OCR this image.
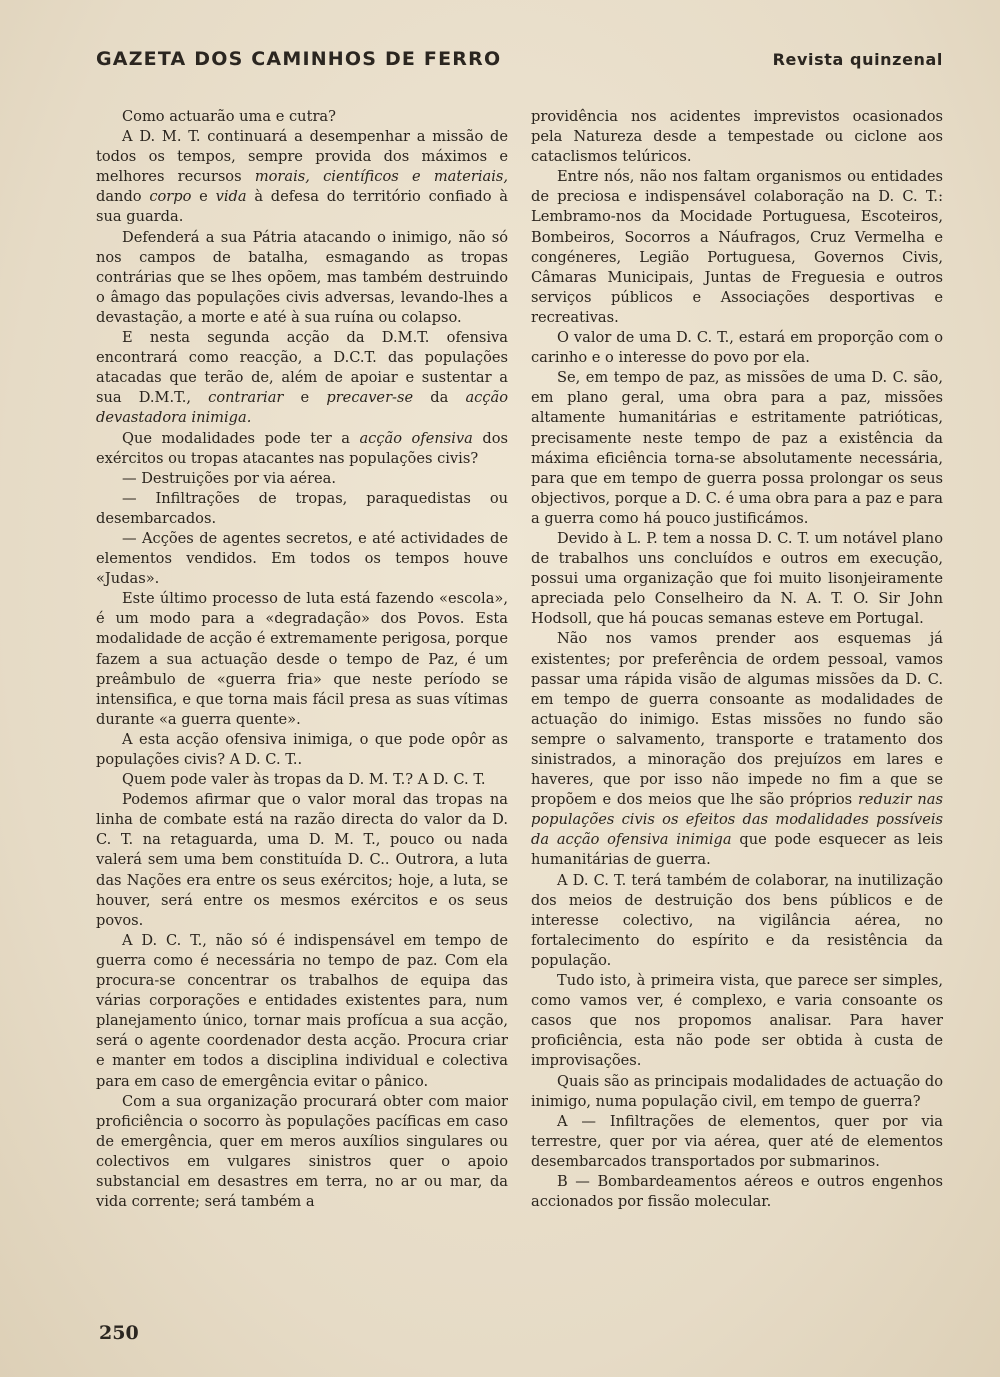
GAZETA DOS CAMINHOS DE FERRO	Revista quinzenal

Como actuarão uma e cutra?

A D. M. T. continuará a desempenhar a missão de todos os tempos, sempre provida dos máximos e melhores recursos morais, científicos e materiais, dando corpo e vida à defesa do território confiado à sua guarda.

Defenderá a sua Pátria atacando o inimigo, não só nos campos de batalha, esmagando as tropas contrárias que se lhes opõem, mas também destruindo o âmago das populações civis adversas, levando-lhes a devastação, a morte e até à sua ruína ou colapso.

E nesta segunda acção da D.M.T. ofensiva encontrará como reacção, a D.C.T. das populações atacadas que terão de, além de apoiar e sustentar a sua D.M.T., contrariar e precaver-se da acção devastadora inimiga.

Que modalidades pode ter a acção ofensiva dos exércitos ou tropas atacantes nas populações civis?

— Destruições por via aérea.

— Infiltrações de tropas, paraquedistas ou desembarcados.

— Acções de agentes secretos, e até actividades de elementos vendidos. Em todos os tempos houve «Judas».

Este último processo de luta está fazendo «escola», é um modo para a «degradação» dos Povos. Esta modalidade de acção é extremamente perigosa, porque fazem a sua actuação desde o tempo de Paz, é um preâmbulo de «guerra fria» que neste período se intensifica, e que torna mais fácil presa as suas vítimas durante «a guerra quente».

A esta acção ofensiva inimiga, o que pode opôr as populações civis? A D. C. T..

Quem pode valer às tropas da D. M. T.? A D. C. T.

Podemos afirmar que o valor moral das tropas na linha de combate está na razão directa do valor da D. C. T. na retaguarda, uma D. M. T., pouco ou nada valerá sem uma bem constituída D. C.. Outrora, a luta das Nações era entre os seus exércitos; hoje, a luta, se houver, será entre os mesmos exércitos e os seus povos.

A D. C. T., não só é indispensável em tempo de guerra como é necessária no tempo de paz. Com ela procura-se concentrar os trabalhos de equipa das várias corporações e entidades existentes para, num planejamento único, tornar mais profícua a sua acção, será o agente coordenador desta acção. Procura criar e manter em todos a disciplina individual e colectiva para em caso de emergência evitar o pânico.

Com a sua organização procurará obter com maior proficiência o socorro às populações pacíficas em caso de emergência, quer em meros auxílios singulares ou colectivos em vulgares sinistros quer o apoio substancial em desastres em terra, no ar ou mar, da vida corrente; será também a

providência nos acidentes imprevistos ocasionados pela Natureza desde a tempestade ou ciclone aos cataclismos telúricos.

Entre nós, não nos faltam organismos ou entidades de preciosa e indispensável colaboração na D. C. T.: Lembramo-nos da Mocidade Portuguesa, Escoteiros, Bombeiros, Socorros a Náufragos, Cruz Vermelha e congéneres, Legião Portuguesa, Governos Civis, Câmaras Municipais, Juntas de Freguesia e outros serviços públicos e Associações desportivas e recreativas.

O valor de uma D. C. T., estará em proporção com o carinho e o interesse do povo por ela.

Se, em tempo de paz, as missões de uma D. C. são, em plano geral, uma obra para a paz, missões altamente humanitárias e estritamente patrióticas, precisamente neste tempo de paz a existência da máxima eficiência torna-se absolutamente necessária, para que em tempo de guerra possa prolongar os seus objectivos, porque a D. C. é uma obra para a paz e para a guerra como há pouco justificámos.

Devido à L. P. tem a nossa D. C. T. um notável plano de trabalhos uns concluídos e outros em execução, possui uma organização que foi muito lisonjeiramente apreciada pelo Conselheiro da N. A. T. O. Sir John Hodsoll, que há poucas semanas esteve em Portugal.

Não nos vamos prender aos esquemas já existentes; por preferência de ordem pessoal, vamos passar uma rápida visão de algumas missões da D. C. em tempo de guerra consoante as modalidades de actuação do inimigo. Estas missões no fundo são sempre o salvamento, transporte e tratamento dos sinistrados, a minoração dos prejuízos em lares e haveres, que por isso não impede no fim a que se propõem e dos meios que lhe são próprios reduzir nas populações civis os efeitos das modalidades possíveis da acção ofensiva inimiga que pode esquecer as leis humanitárias de guerra.

A D. C. T. terá também de colaborar, na inutilização dos meios de destruição dos bens públicos e de interesse colectivo, na vigilância aérea, no fortalecimento do espírito e da resistência da população.

Tudo isto, à primeira vista, que parece ser simples, como vamos ver, é complexo, e varia consoante os casos que nos propomos analisar. Para haver proficiência, esta não pode ser obtida à custa de improvisações.

Quais são as principais modalidades de actuação do inimigo, numa população civil, em tempo de guerra?

A — Infiltrações de elementos, quer por via terrestre, quer por via aérea, quer até de elementos desembarcados transportados por submarinos.

B — Bombardeamentos aéreos e outros engenhos accionados por fissão molecular.

250
